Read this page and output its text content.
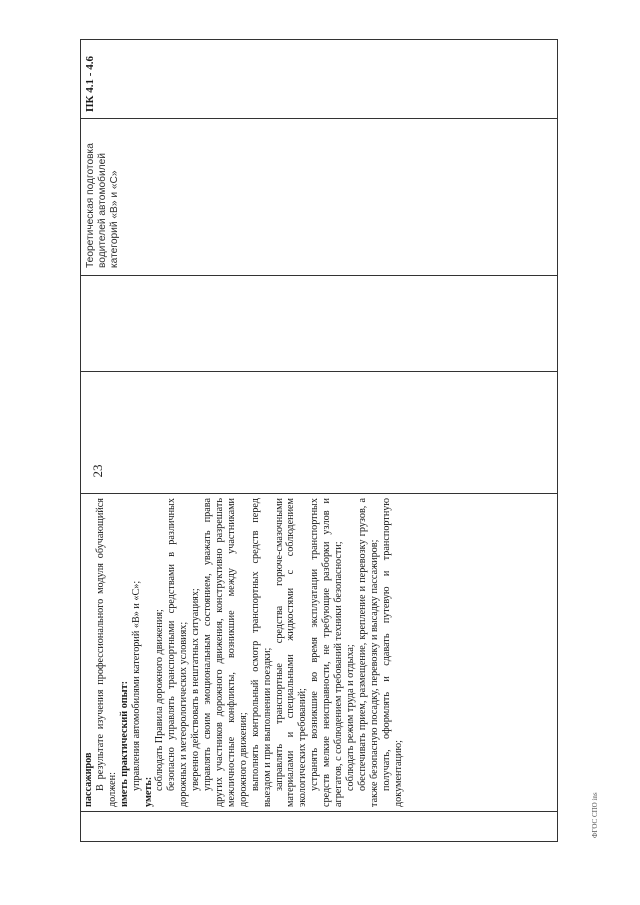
23
ФГОС СПО ins

пассажиров В результате изучения профессионального модуля обучающийся должен: иметь практический опыт: управления автомобилями категорий «В» и «С»;

уметь:

соблюдать Правила дорожного движения; безопасно управлять транспортными средствами в различных дорожных и метеорологических условиях; уверенно действовать в нештатных ситуациях; управлять своим эмоциональным состоянием, уважать права других участников дорожного движения, конструктивно разрешать межличностные конфликты, возникшие между участниками дорожного движения; выполнять контрольный осмотр транспортных средств перед выездом и при выполнении поездки; заправлять транспортные средства горюче-смазочными материалами и специальными жидкостями с соблюдением экологических требований; устранять возникшие во время эксплуатации транспортных средств мелкие неисправности, не требующие разборки узлов и агрегатов, с соблюдением требований техники безопасности; соблюдать режим труда и отдыха; обеспечивать прием, размещение, крепление и перевозку грузов, а также безопасную посадку, перевозку и высадку пассажиров; получать, оформлять и сдавать путевую и транспортную документацию;

Теоретическая подготовка водителей автомобилей категорий «В» и «С»
ПК 4.1 - 4.6
